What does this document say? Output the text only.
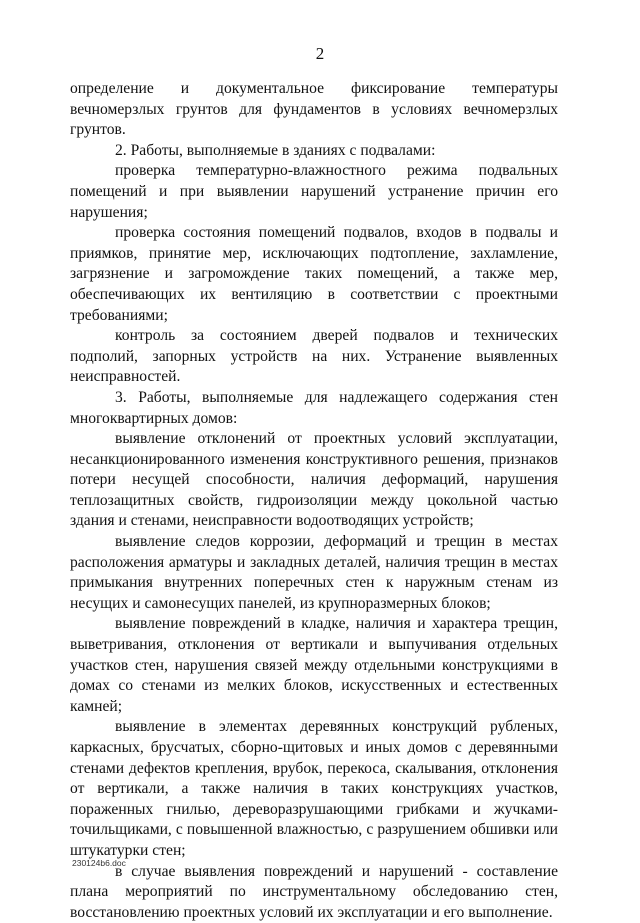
2

определение и документальное фиксирование температуры вечномерзлых грунтов для фундаментов в условиях вечномерзлых грунтов.

2. Работы, выполняемые в зданиях с подвалами:

проверка температурно-влажностного режима подвальных помещений и при выявлении нарушений устранение причин его нарушения;

проверка состояния помещений подвалов, входов в подвалы и приямков, принятие мер, исключающих подтопление, захламление, загрязнение и загромождение таких помещений, а также мер, обеспечивающих их вентиляцию в соответствии с проектными требованиями;

контроль за состоянием дверей подвалов и технических подполий, запорных устройств на них. Устранение выявленных неисправностей.

3. Работы, выполняемые для надлежащего содержания стен многоквартирных домов:

выявление отклонений от проектных условий эксплуатации, несанкционированного изменения конструктивного решения, признаков потери несущей способности, наличия деформаций, нарушения теплозащитных свойств, гидроизоляции между цокольной частью здания и стенами, неисправности водоотводящих устройств;

выявление следов коррозии, деформаций и трещин в местах расположения арматуры и закладных деталей, наличия трещин в местах примыкания внутренних поперечных стен к наружным стенам из несущих и самонесущих панелей, из крупноразмерных блоков;

выявление повреждений в кладке, наличия и характера трещин, выветривания, отклонения от вертикали и выпучивания отдельных участков стен, нарушения связей между отдельными конструкциями в домах со стенами из мелких блоков, искусственных и естественных камней;

выявление в элементах деревянных конструкций рубленых, каркасных, брусчатых, сборно-щитовых и иных домов с деревянными стенами дефектов крепления, врубок, перекоса, скалывания, отклонения от вертикали, а также наличия в таких конструкциях участков, пораженных гнилью, дереворазрушающими грибками и жучками-точильщиками, с повышенной влажностью, с разрушением обшивки или штукатурки стен;

в случае выявления повреждений и нарушений - составление плана мероприятий по инструментальному обследованию стен, восстановлению проектных условий их эксплуатации и его выполнение.

230124b6.doc
